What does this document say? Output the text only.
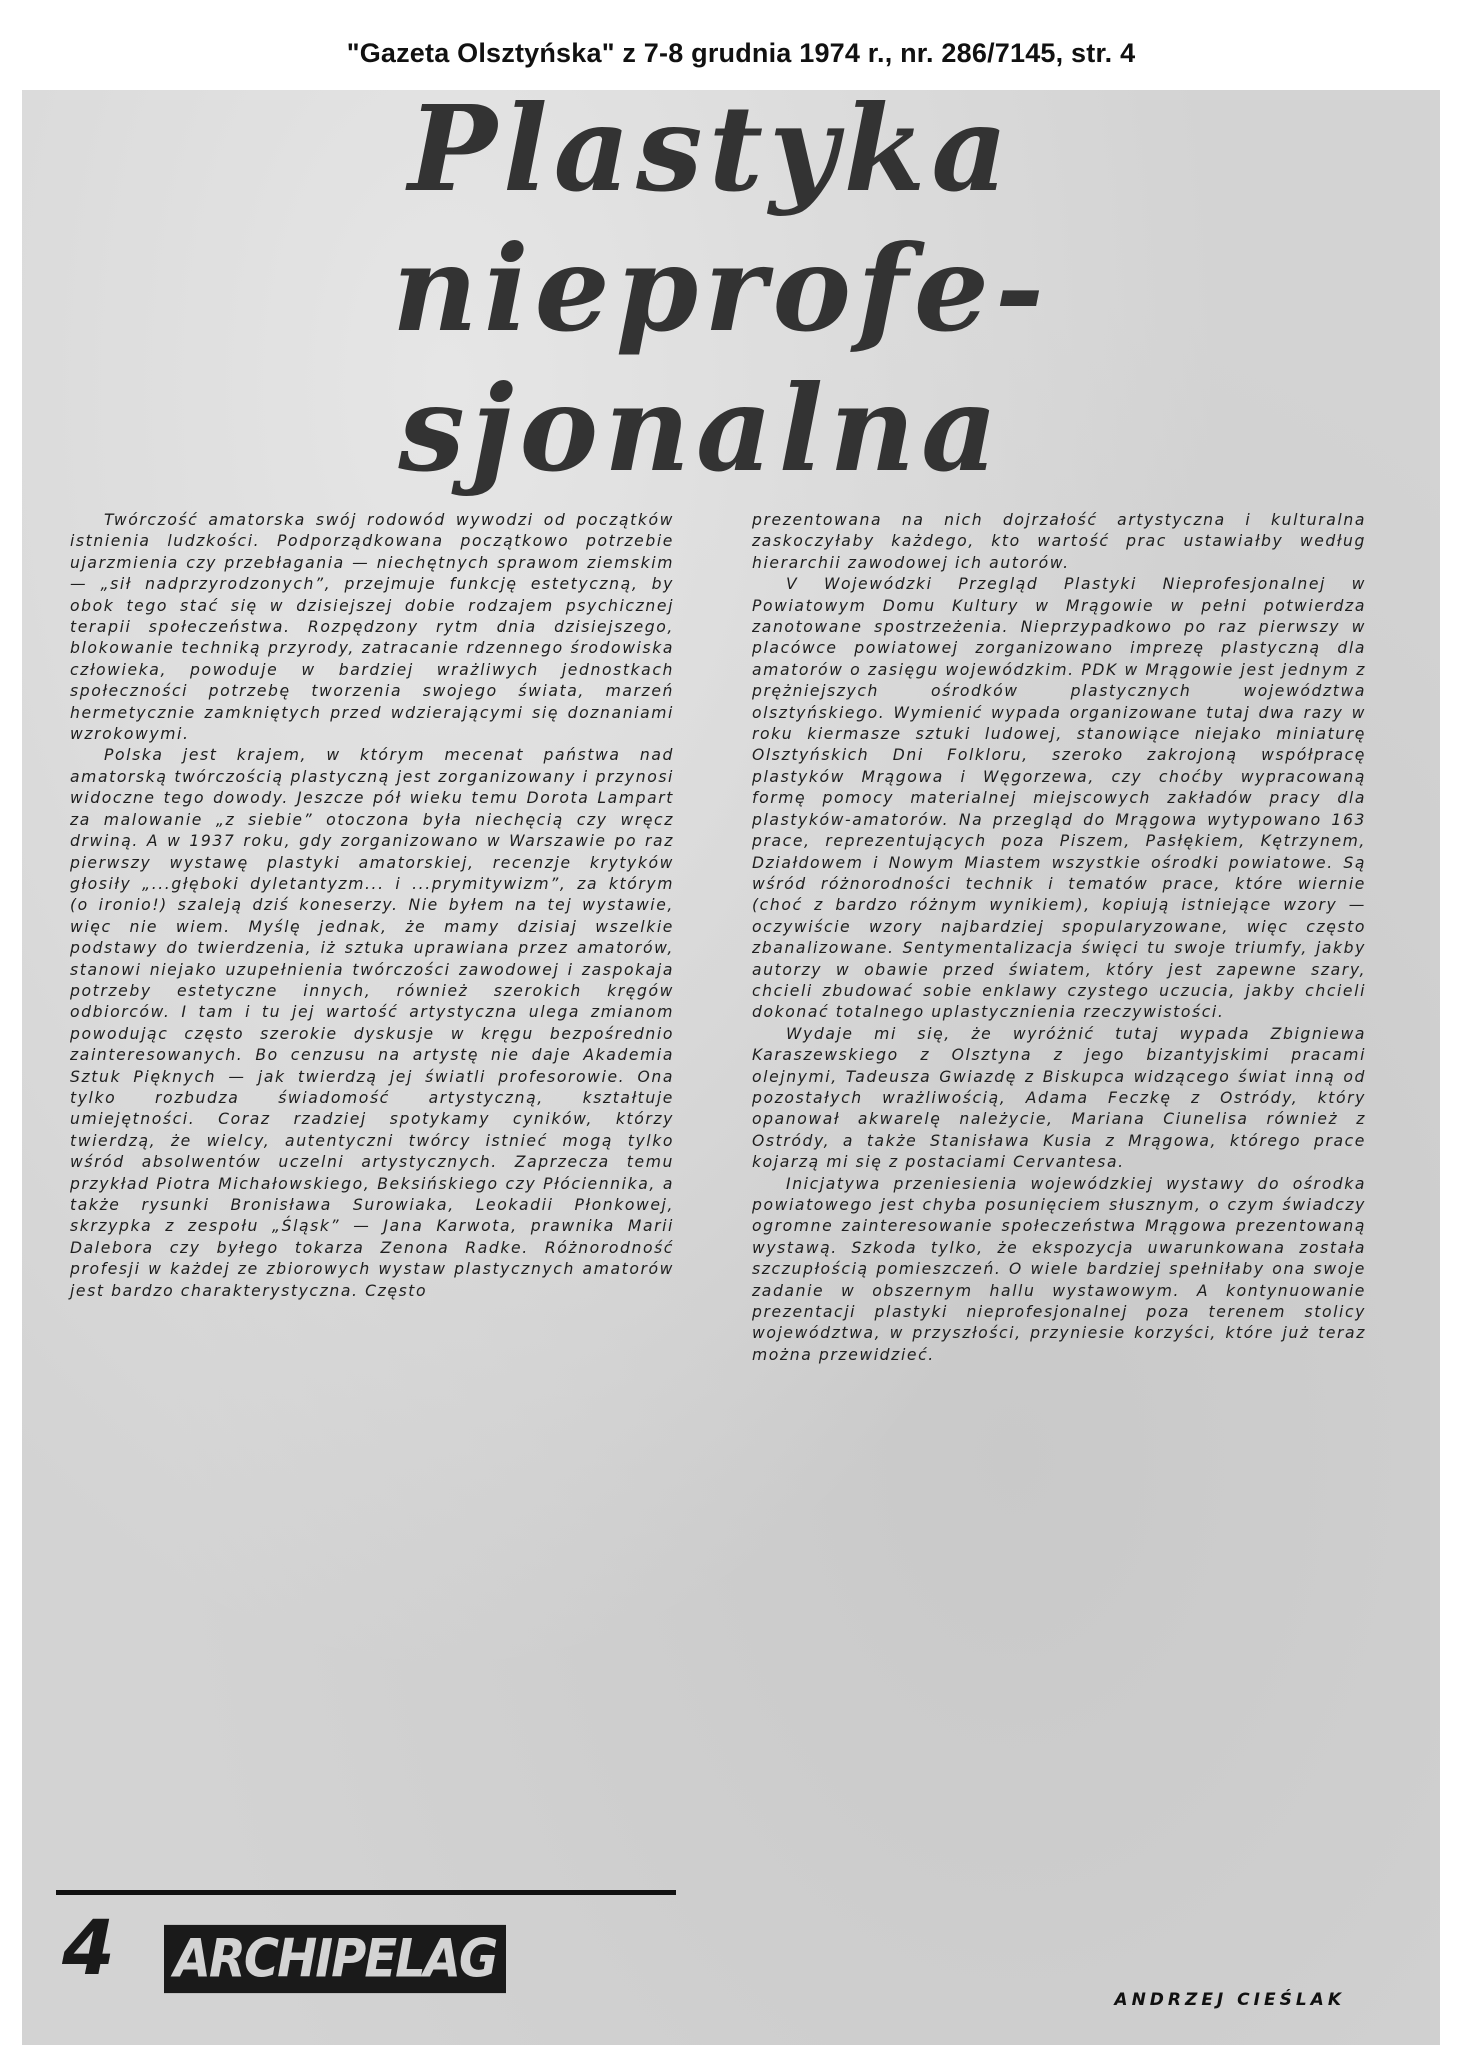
"Gazeta Olsztyńska" z 7-8 grudnia 1974 r., nr. 286/7145, str. 4
Plastyka
nieprofe-
sjonalna

Twórczość amatorska swój rodowód wywodzi od początków istnienia ludzkości. Podporządkowana początkowo potrzebie ujarzmienia czy przebłagania — niechętnych sprawom ziemskim — „sił nadprzyrodzonych”, przejmuje funkcję estetyczną, by obok tego stać się w dzisiejszej dobie rodzajem psychicznej terapii społeczeństwa. Rozpędzony rytm dnia dzisiejszego, blokowanie techniką przyrody, zatracanie rdzennego środowiska człowieka, powoduje w bardziej wrażliwych jednostkach społeczności potrzebę tworzenia swojego świata, marzeń hermetycznie zamkniętych przed wdzierającymi się doznaniami wzrokowymi.

Polska jest krajem, w którym mecenat państwa nad amatorską twórczością plastyczną jest zorganizowany i przynosi widoczne tego dowody. Jeszcze pół wieku temu Dorota Lampart za malowanie „z siebie” otoczona była niechęcią czy wręcz drwiną. A w 1937 roku, gdy zorganizowano w Warszawie po raz pierwszy wystawę plastyki amatorskiej, recenzje krytyków głosiły „...głęboki dyletantyzm... i ...prymitywizm”, za którym (o ironio!) szaleją dziś koneserzy. Nie byłem na tej wystawie, więc nie wiem. Myślę jednak, że mamy dzisiaj wszelkie podstawy do twierdzenia, iż sztuka uprawiana przez amatorów, stanowi niejako uzupełnienia twórczości zawodowej i zaspokaja potrzeby estetyczne innych, również szerokich kręgów odbiorców. I tam i tu jej wartość artystyczna ulega zmianom powodując często szerokie dyskusje w kręgu bezpośrednio zainteresowanych. Bo cenzusu na artystę nie daje Akademia Sztuk Pięknych — jak twierdzą jej światli profesorowie. Ona tylko rozbudza świadomość artystyczną, kształtuje umiejętności. Coraz rzadziej spotykamy cyników, którzy twierdzą, że wielcy, autentyczni twórcy istnieć mogą tylko wśród absolwentów uczelni artystycznych. Zaprzecza temu przykład Piotra Michałowskiego, Beksińskiego czy Płóciennika, a także rysunki Bronisława Surowiaka, Leokadii Płonkowej, skrzypka z zespołu „Śląsk” — Jana Karwota, prawnika Marii Dalebora czy byłego tokarza Zenona Radke. Różnorodność profesji w każdej ze zbiorowych wystaw plastycznych amatorów jest bardzo charakterystyczna. Często

prezentowana na nich dojrzałość artystyczna i kulturalna zaskoczyłaby każdego, kto wartość prac ustawiałby według hierarchii zawodowej ich autorów.

V Wojewódzki Przegląd Plastyki Nieprofesjonalnej w Powiatowym Domu Kultury w Mrągowie w pełni potwierdza zanotowane spostrzeżenia. Nieprzypadkowo po raz pierwszy w placówce powiatowej zorganizowano imprezę plastyczną dla amatorów o zasięgu wojewódzkim. PDK w Mrągowie jest jednym z prężniejszych ośrodków plastycznych województwa olsztyńskiego. Wymienić wypada organizowane tutaj dwa razy w roku kiermasze sztuki ludowej, stanowiące niejako miniaturę Olsztyńskich Dni Folkloru, szeroko zakrojoną współpracę plastyków Mrągowa i Węgorzewa, czy choćby wypracowaną formę pomocy materialnej miejscowych zakładów pracy dla plastyków-amatorów. Na przegląd do Mrągowa wytypowano 163 prace, reprezentujących poza Piszem, Pasłękiem, Kętrzynem, Działdowem i Nowym Miastem wszystkie ośrodki powiatowe. Są wśród różnorodności technik i tematów prace, które wiernie (choć z bardzo różnym wynikiem), kopiują istniejące wzory — oczywiście wzory najbardziej spopularyzowane, więc często zbanalizowane. Sentymentalizacja święci tu swoje triumfy, jakby autorzy w obawie przed światem, który jest zapewne szary, chcieli zbudować sobie enklawy czystego uczucia, jakby chcieli dokonać totalnego uplastycznienia rzeczywistości.

Wydaje mi się, że wyróżnić tutaj wypada Zbigniewa Karaszewskiego z Olsztyna z jego bizantyjskimi pracami olejnymi, Tadeusza Gwiazdę z Biskupca widzącego świat inną od pozostałych wrażliwością, Adama Feczkę z Ostródy, który opanował akwarelę należycie, Mariana Ciunelisa również z Ostródy, a także Stanisława Kusia z Mrągowa, którego prace kojarzą mi się z postaciami Cervantesa.

Inicjatywa przeniesienia wojewódzkiej wystawy do ośrodka powiatowego jest chyba posunięciem słusznym, o czym świadczy ogromne zainteresowanie społeczeństwa Mrągowa prezentowaną wystawą. Szkoda tylko, że ekspozycja uwarunkowana została szczupłością pomieszczeń. O wiele bardziej spełniłaby ona swoje zadanie w obszernym hallu wystawowym. A kontynuowanie prezentacji plastyki nieprofesjonalnej poza terenem stolicy województwa, w przyszłości, przyniesie korzyści, które już teraz można przewidzieć.

4 ARCHIPELAG
ANDRZEJ CIEŚLAK
